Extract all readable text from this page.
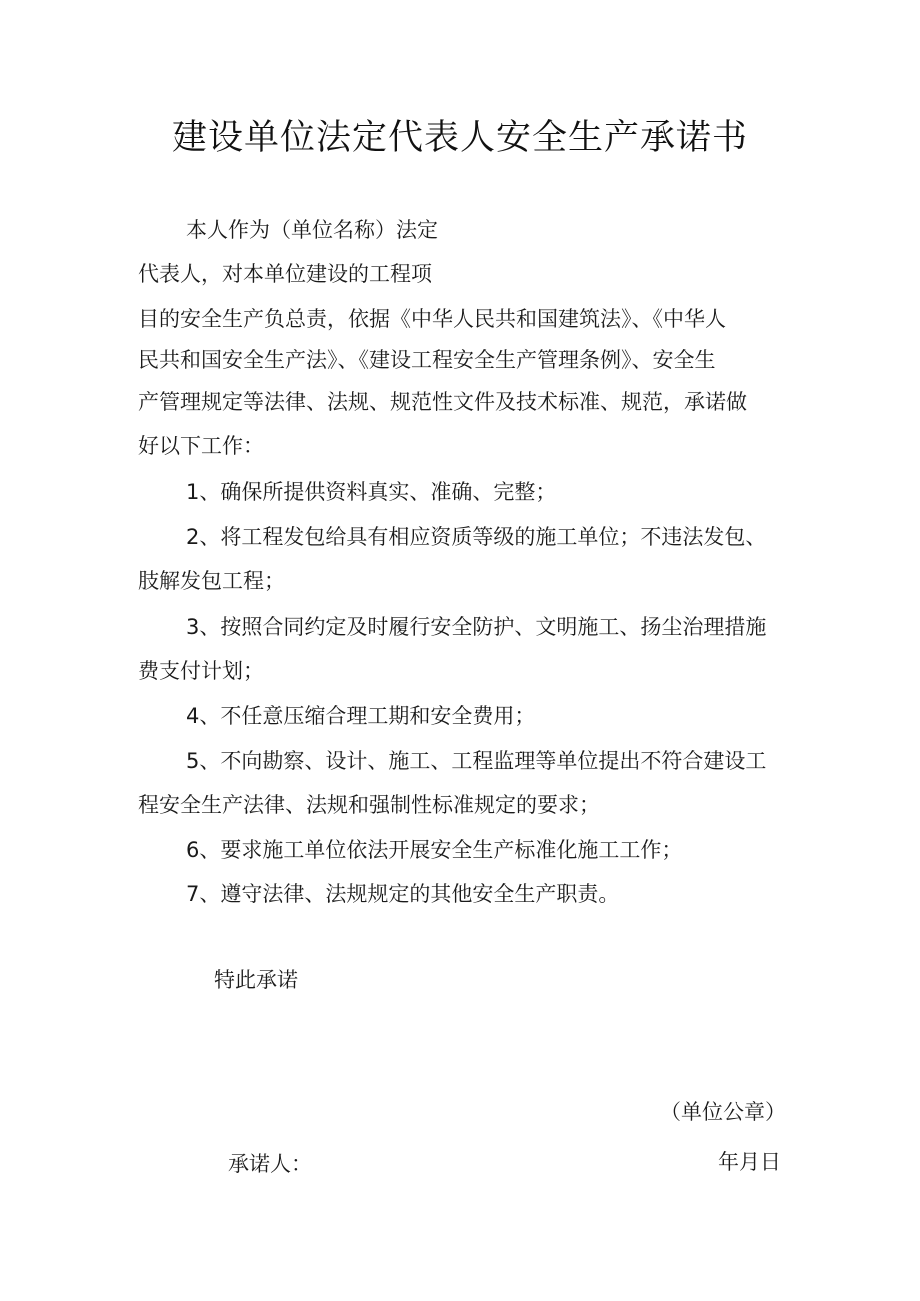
建设单位法定代表人安全生产承诺书
本人作为（单位名称）法定
代表人，对本单位建设的工程项
目的安全生产负总责，依据《中华人民共和国建筑法》、《中华人
民共和国安全生产法》、《建设工程安全生产管理条例》、安全生
产管理规定等法律、法规、规范性文件及技术标准、规范，承诺做
好以下工作：
1、确保所提供资料真实、准确、完整；
2、将工程发包给具有相应资质等级的施工单位；不违法发包、
肢解发包工程；
3、按照合同约定及时履行安全防护、文明施工、扬尘治理措施
费支付计划；
4、不任意压缩合理工期和安全费用；
5、不向勘察、设计、施工、工程监理等单位提出不符合建设工
程安全生产法律、法规和强制性标准规定的要求；
6、要求施工单位依法开展安全生产标准化施工工作；
7、遵守法律、法规规定的其他安全生产职责。
特此承诺
（单位公章）
承诺人：	年月日
